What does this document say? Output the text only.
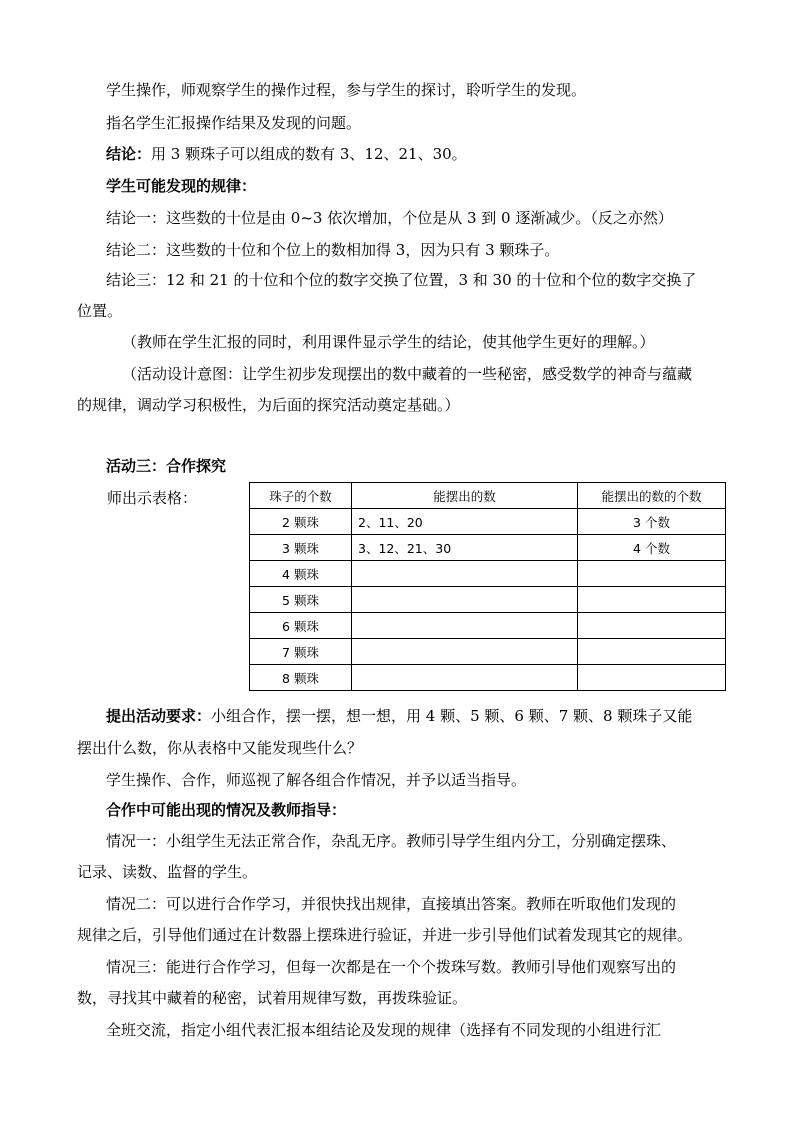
学生操作，师观察学生的操作过程，参与学生的探讨，聆听学生的发现。
指名学生汇报操作结果及发现的问题。
结论：用 3 颗珠子可以组成的数有 3、12、21、30。
学生可能发现的规律：
结论一：这些数的十位是由 0~3 依次增加，个位是从 3 到 0 逐渐减少。（反之亦然）
结论二：这些数的十位和个位上的数相加得 3，因为只有 3 颗珠子。
结论三：12 和 21 的十位和个位的数字交换了位置，3 和 30 的十位和个位的数字交换了
位置。
（教师在学生汇报的同时，利用课件显示学生的结论，使其他学生更好的理解。）
（活动设计意图：让学生初步发现摆出的数中藏着的一些秘密，感受数学的神奇与蕴藏
的规律，调动学习积极性，为后面的探究活动奠定基础。）
活动三：合作探究
师出示表格：	珠子的个数	能摆出的数	能摆出的数的个数
2 颗珠	2、11、20	3 个数
3 颗珠	3、12、21、30	4 个数
4 颗珠		
5 颗珠		
6 颗珠		
7 颗珠		
8 颗珠		
提出活动要求：小组合作，摆一摆，想一想，用 4 颗、5 颗、6 颗、7 颗、8 颗珠子又能
摆出什么数，你从表格中又能发现些什么？
学生操作、合作，师巡视了解各组合作情况，并予以适当指导。
合作中可能出现的情况及教师指导：
情况一：小组学生无法正常合作，杂乱无序。教师引导学生组内分工，分别确定摆珠、
记录、读数、监督的学生。
情况二：可以进行合作学习，并很快找出规律，直接填出答案。教师在听取他们发现的
规律之后，引导他们通过在计数器上摆珠进行验证，并进一步引导他们试着发现其它的规律。
情况三：能进行合作学习，但每一次都是在一个个拨珠写数。教师引导他们观察写出的
数，寻找其中藏着的秘密，试着用规律写数，再拨珠验证。
全班交流，指定小组代表汇报本组结论及发现的规律（选择有不同发现的小组进行汇
